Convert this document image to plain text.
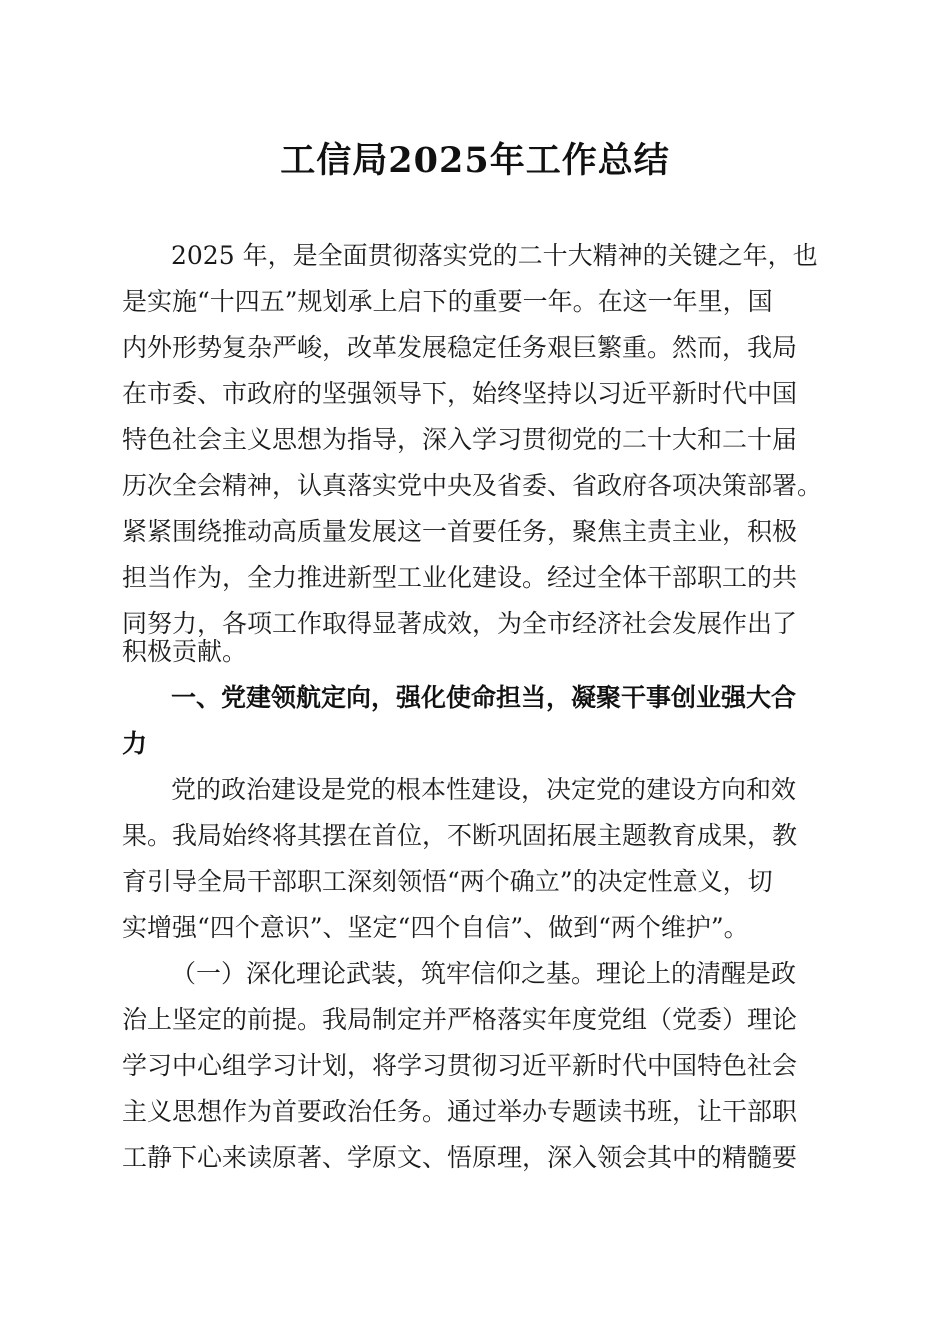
工信局2025年工作总结
2025 年，是全面贯彻落实党的二十大精神的关键之年，也
是实施“十四五”规划承上启下的重要一年。在这一年里，国
内外形势复杂严峻，改革发展稳定任务艰巨繁重。然而，我局
在市委、市政府的坚强领导下，始终坚持以习近平新时代中国
特色社会主义思想为指导，深入学习贯彻党的二十大和二十届
历次全会精神，认真落实党中央及省委、省政府各项决策部署。
紧紧围绕推动高质量发展这一首要任务，聚焦主责主业，积极
担当作为，全力推进新型工业化建设。经过全体干部职工的共
同努力，各项工作取得显著成效，为全市经济社会发展作出了
积极贡献。
一、党建领航定向，强化使命担当，凝聚干事创业强大合
力
党的政治建设是党的根本性建设，决定党的建设方向和效
果。我局始终将其摆在首位，不断巩固拓展主题教育成果，教
育引导全局干部职工深刻领悟“两个确立”的决定性意义，切
实增强“四个意识”、坚定“四个自信”、做到“两个维护”。
（一）深化理论武装，筑牢信仰之基。理论上的清醒是政
治上坚定的前提。我局制定并严格落实年度党组（党委）理论
学习中心组学习计划，将学习贯彻习近平新时代中国特色社会
主义思想作为首要政治任务。通过举办专题读书班，让干部职
工静下心来读原著、学原文、悟原理，深入领会其中的精髓要
